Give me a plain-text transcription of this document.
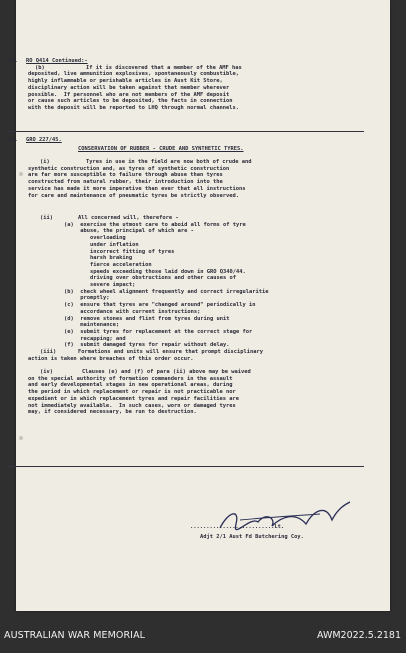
55.

RO Q414 Continued:-

(b)

	If it is discovered that a member of the AMF has

deposited, live ammunition explosives, spontaneously combustible,

highly inflammable or perishable articles in Aust Kit Store,

disciplinary action will be taken against that member wherever

possible.  If personnel who are not members of the AMF deposit

or cause such articles to be deposited, the facts in connection

with the deposit will be reported to LHQ through normal channels.

56.

GRO 227/45.

CONSERVATION OF RUBBER - CRUDE AND SYNTHETIC TYRES.

(i)

	Tyres in use in the field are now both of crude and

synthetic construction and, as tyres of synthetic construction

are far more susceptible to failure through abuse than tyres

constructed from natural rubber, their introduction into the

service has made it more imperative than ever that all instructions

for care and maintenance of pneumatic tyres be strictly observed.

(ii)

	All concerned will, therefore -

(a)  exercise the utmost care to aboid all forms of tyre

abuse, the principal of which are -

overloading

under inflation

incorrect fitting of tyres

harsh braking

fierce acceleration

speeds exceeding those laid down in GRO Q340/44.

driving over obstructions and other causes of

severe impact;

(b)  check wheel alignment frequently and correct irregularitie

promptly;

(c)  ensure that tyres are "changed around" periodically in

accordance with current instructions;

(d)  remove stones and flint from tyres during unit

maintenance;

(e)  submit tyres for replacement at the correct stage for

recapping; and

(f)  submit damaged tyres for repair without delay.

(iii)

	Formations and units will ensure that prompt disciplinary

action is taken where breaches of this order occur.

(iv)

	Clauses (e) and (f) of para (ii) above may be waived

on the special authority of formation commanders in the assault

and early developmental stages in new operational areas, during

the period in which replacement or repair is not practicable nor

expedient or in which replacement tyres and repair facilities are

not immediately available.  In such cases, worn or damaged tyres

may, if considered necessary, be run to destruction.

..........................Lt.
Adjt 2/1 Aust Fd Butchering Coy.
AUSTRALIAN WAR MEMORIAL	AWM2022.5.2181
